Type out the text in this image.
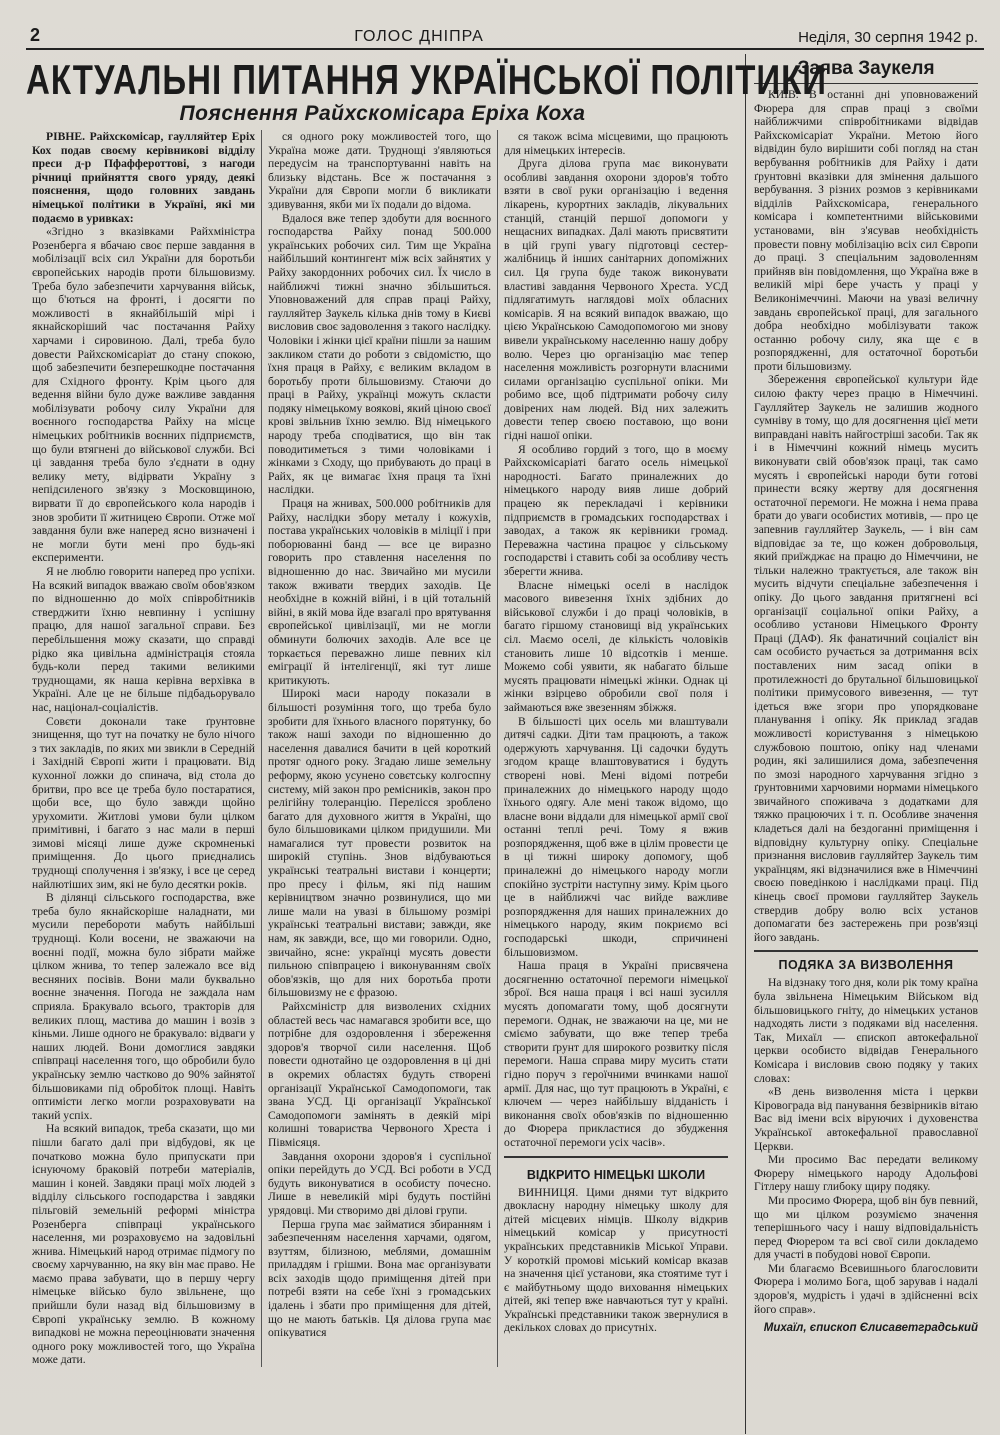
2	ГОЛОС ДНІПРА	Неділя, 30 серпня 1942 р.
АКТУАЛЬНІ ПИТАННЯ УКРАЇНСЬКОЇ ПОЛІТИКИ
Пояснення Райхскомісара Еріха Коха

РІВНЕ. Райхскомісар, гаулляйтер Еріх Кох подав своєму керівникові відділу преси д-р Пфаффероттові, з нагоди річниці прийняття свого уряду, деякі пояснення, щодо головних завдань німецької політики в Україні, які ми подаємо в уривках:

«Згідно з вказівками Райхміністра Розенберга я вбачаю своє перше завдання в мобілізації всіх сил України для боротьби європейських народів проти більшовизму. Треба було забезпечити харчування військ, що б'ються на фронті, і досягти по можливості в якнайбільшій мірі і якнайскоріший час постачання Райху харчами і сировиною. Далі, треба було довести Райхскомісаріат до стану спокою, щоб забезпечити безперешкодне постачання для Східного фронту. Крім цього для ведення війни було дуже важливе завдання мобілізувати робочу силу України для воєнного господарства Райху на місце німецьких робітників воєнних підприємств, що були втягнені до військової служби. Всі ці завдання треба було з'єднати в одну велику мету, відірвати Україну з непідсиленого зв'язку з Московщиною, вирвати її до європейського кола народів і знов зробити її житницею Європи. Отже мої завдання були вже наперед ясно визначені і не могли бути мені про будь-які експерименти.

Я не люблю говорити наперед про успіхи. На всякий випадок вважаю своїм обов'язком по відношенню до моїх співробітників стверджити їхню невпинну і успішну працю, для нашої загальної справи. Без перебільшення можу сказати, що справді рідко яка цивільна адміністрація стояла будь-коли перед такими великими труднощами, як наша керівна верхівка в Україні. Але це не більше підбадьорувало нас, націонал-соціалістів.

Совєти доконали таке ґрунтовне знищення, що тут на початку не було нічого з тих закладів, по яких ми звикли в Середній і Західній Європі жити і працювати. Від кухонної ложки до спинача, від стола до бритви, про все це треба було постаратися, щоби все, що було завжди щойно урухомити. Житлові умови були цілком примітивні, і багато з нас мали в перші зимові місяці лише дуже скромненькі приміщення. До цього приєднались труднощі сполучення і зв'язку, і все це серед найлютіших зим, які не було десятки років.

В ділянці сільського господарства, вже треба було якнайскоріше наладнати, ми мусили перебороти мабуть найбільші труднощі. Коли восени, не зважаючи на воєнні події, можна було зібрати майже цілком жнива, то тепер залежало все від весняних посівів. Вони мали буквально воєнне значення. Погода не заждала нам сприяла. Бракувало всього, тракторів для великих площ, мастива до машин і возів з кіньми. Лише одного не бракувало: відваги у наших людей. Вони домоглися завдяки співпраці населення того, що обробили було українську землю частково до 90% зайнятої більшовиками під обробіток площі. Навіть оптимісти легко могли розраховувати на такий успіх.

На всякий випадок, треба сказати, що ми пішли багато далі при відбудові, як це початково можна було припускати при існуючому браковій потреби матеріалів, машин і коней. Завдяки праці моїх людей з відділу сільського господарства і завдяки пільговій земельній реформі міністра Розенберга співпраці українського населення, ми розраховуємо на задовільні жнива. Німецький народ отримає підмогу по своєму харчуванню, на яку він має право. Не маємо права забувати, що в першу чергу німецьке військо було звільнене, що прийшли були назад від більшовизму в Європі українську землю. В кожному випадкові не можна переоцінювати значення одного року можливостей того, що Україна може дати.

ся одного року можливостей того, що Україна може дати. Труднощі з'являються передусім на транспортуванні навіть на близьку відстань. Все ж постачання з України для Європи могли б викликати здивування, якби ми їх подали до відома.

Вдалося вже тепер здобути для воєнного господарства Райху понад 500.000 українських робочих сил. Тим ще Україна найбільший контингент між всіх зайнятих у Райху закордонних робочих сил. Їх число в найближчі тижні значно збільшиться. Уповноважений для справ праці Райху, гаулляйтер Заукель кілька днів тому в Києві висловив своє задоволення з такого наслідку. Чоловіки і жінки цієї країни пішли за нашим закликом стати до роботи з свідомістю, що їхня праця в Райху, є великим вкладом в боротьбу проти більшовизму. Стаючи до праці в Райху, українці можуть скласти подяку німецькому воякові, який ціною своєї крові звільнив їхню землю. Від німецького народу треба сподіватися, що він так поводитиметься з тими чоловіками і жінками з Сходу, що прибувають до праці в Райх, як це вимагає їхня праця та їхні наслідки.

Праця на жнивах, 500.000 робітників для Райху, наслідки збору металу і кожухів, постава українських чоловіків в міліції і при поборюванні банд — все це виразно говорить про ставлення населення по відношенню до нас. Звичайно ми мусили також вживати твердих заходів. Це необхідне в кожній війні, і в цій тотальній війні, в якій мова йде взагалі про врятування європейської цивілізації, ми не могли обминути болючих заходів. Але все це торкається переважно лише певних кіл еміграції й інтелігенції, які тут лише критикують.

Широкі маси народу показали в більшості розуміння того, що треба було зробити для їхнього власного порятунку, бо також наші заходи по відношенню до населення давалися бачити в цей короткий протяг одного року. Згадаю лише земельну реформу, якою усунено совєтську колгоспну систему, мій закон про ремісників, закон про релігійну толеранцію. Перелісся зроблено багато для духовного життя в Україні, що було більшовиками цілком придушили. Ми намагалися тут провести розвиток на широкій ступінь. Знов відбуваються українські театральні вистави і концерти; про пресу і фільм, які під нашим керівництвом значно розвинулися, що ми лише мали на увазі в більшому розмірі українські театральні вистави; завжди, яке нам, як завжди, все, що ми говорили. Одно, звичайно, ясне: українці мусять довести пильною співпрацею і виконуванням своїх обов'язків, що для них боротьба проти більшовизму не є фразою.

Райхсміністр для визволених східних областей весь час намагався зробити все, що потрібне для оздоровлення і збереження здоров'я творчої сили населення. Щоб повести однотайно це оздоровлення в ці дні в окремих областях будуть створені організації Української Самодопомоги, так звана УСД. Ці організації Української Самодопомоги замінять в деякій мірі колишні товариства Червоного Хреста і Півмісяця.

Завдання охорони здоров'я і суспільної опіки перейдуть до УСД. Всі роботи в УСД будуть виконуватися в особисту почесно. Лише в невеликій мірі будуть постійні урядовці. Ми створимо дві ділові групи.

Перша група має займатися збиранням і забезпеченням населення харчами, одягом, взуттям, білизною, меблями, домашнім приладдям і грішми. Вона має організувати всіх заходів щодо приміщення дітей при потребі взяти на себе їхні з громадських ідалень і збати про приміщення для дітей, що не мають батьків. Ця ділова група має опікуватися

ся також всіма місцевими, що працюють для німецьких інтересів.

Друга ділова група має виконувати особливі завдання охорони здоров'я тобто взяти в свої руки організацію і ведення лікарень, курортних закладів, лікувальних станцій, станцій першої допомоги у нещасних випадках. Далі мають присвятити в цій групі увагу підготовці сестер-жалібниць й інших санітарних допоміжних сил. Ця група буде також виконувати властиві завдання Червоного Хреста. УСД підлягатимуть наглядові моїх обласних комісарів. Я на всякий випадок вважаю, що цією Українською Самодопомогою ми знову вивели українському населенню нашу добру волю. Через цю організацію має тепер населення можливість розгорнути власними силами організацію суспільної опіки. Ми робимо все, щоб підтримати робочу силу довірених нам людей. Від них залежить довести тепер своєю поставою, що вони гідні нашої опіки.

Я особливо гордий з того, що в моєму Райхскомісаріаті багато осель німецької народності. Багато приналежних до німецького народу вияв лише добрий працею як перекладачі і керівники підприємств в громадських господарствах і заводах, а також як керівники громад. Переважна частина працює у сільському господарстві і ставить собі за особливу честь зберегти жнива.

Власне німецькі оселі в наслідок масового вивезення їхніх здібних до військової служби і до праці чоловіків, в багато гіршому становищі від українських сіл. Маємо оселі, де кількість чоловіків становить лише 10 відсотків і менше. Можемо собі уявити, як набагато більше мусять працювати німецькі жінки. Однак ці жінки взірцево обробили свої поля і займаються вже звезенням збіжжя.

В більшості цих осель ми влаштували дитячі садки. Діти там працюють, а також одержують харчування. Ці садочки будуть згодом краще влаштовуватися і будуть створені нові. Мені відомі потреби приналежних до німецького народу щодо їхнього одягу. Але мені також відомо, що власне вони віддали для німецької армії свої останні теплі речі. Тому я вжив розпорядження, щоб вже в цілім провести це в ці тижні широку допомогу, щоб приналежні до німецького народу могли спокійно зустріти наступну зиму. Крім цього це в найближчі час вийде важливе розпорядження для наших приналежних до німецького народу, яким покриємо всі господарські шкоди, спричинені більшовизмом.

Наша праця в Україні присвячена досягненню остаточної перемоги німецької зброї. Вся наша праця і всі наші зусилля мусять допомагати тому, щоб досягнути перемоги. Однак, не зважаючи на це, ми не смiємо забувати, що вже тепер треба створити ґрунт для широкого розвитку після перемоги. Наша справа миру мусить стати гідно поруч з героїчними вчинками нашої армії. Для нас, що тут працюють в Україні, є ключем — через найбільшу відданість і виконання своїх обов'язків по відношенню до Фюрера прикластися до збудження остаточної перемоги усіх часів».

ВІДКРИТО НІМЕЦЬКІ ШКОЛИ

ВИННИЦЯ. Цими днями тут відкрито двокласну народну німецьку школу для дітей місцевих німців. Школу відкрив німецький комісар у присутності українських представників Міської Управи. У короткій промові міський комісар вказав на значення цієї установи, яка стоятиме тут і є майбутньому щодо виховання німецьких дітей, які тепер вже навчаються тут у країні. Українські представники також звернулися в декількох словах до присутніх.

Заява Заукеля

КИЇВ. В останні дні уповноважений Фюрера для справ праці з своїми найближчими співробітниками відвідав Райхскомісаріат України. Метою його відвідин було вирішити собі погляд на стан вербування робітників для Райху і дати ґрунтовні вказівки для змінення дальшого вербування. З різних розмов з керівниками відділів Райхскомісара, генерального комісара і компетентними військовими установами, він з'ясував необхідність провести повну мобілізацію всіх сил Європи до праці. З спеціальним задоволенням прийняв він повідомлення, що Україна вже в великій мірі бере участь у праці у Великонімеччині. Маючи на увазі величну завдань європейської праці, для загального добра необхідно мобілізувати також останню робочу силу, яка ще є в розпорядженні, для остаточної боротьби проти більшовизму.

Збереження європейської культури йде силою факту через працю в Німеччині. Гаулляйтер Заукель не залишив жодного сумніву в тому, що для досягнення цієї мети виправдані навіть найгостріші засоби. Так як і в Німеччині кожний німець мусить виконувати свій обов'язок праці, так само мусять і європейські народи бути готові принести всяку жертву для досягнення остаточної перемоги. Не можна і нема права брати до уваги особистих мотивів, — про це запевнив гаулляйтер Заукель, — і він сам відповідає за те, що кожен добровольця, який приїжджає на працю до Німеччини, не тільки належно трактується, але також він мусить відчути спеціальне забезпечення і опіку. До цього завдання притягнені всі організації соціальної опіки Райху, а особливо установи Німецького Фронту Праці (ДАФ). Як фанатичний соціаліст він сам особисто ручається за дотримання всіх поставлених ним засад опіки в протилежності до брутальної більшовицької політики примусового вивезення, — тут ідеться вже згори про упорядковане планування і опіку. Як приклад згадав можливості користування з німецькою службовою поштою, опіку над членами родин, які залишилися дома, забезпечення по змозі народного харчування згідно з ґрунтовними харчовими нормами німецького звичайного споживача з додатками для тяжко працюючих і т. п. Особливе значення кладеться далі на бездоганні приміщення і відповідну культурну опіку. Спеціальне признання висловив гаулляйтер Заукель тим українцям, які відзначилися вже в Німеччині своєю поведінкою і наслідками праці. Під кінець своєї промови гаулляйтер Заукель ствердив добру волю всіх установ допомагати без застережень при розв'язці його завдань.

ПОДЯКА ЗА ВИЗВОЛЕННЯ

На відзнаку того дня, коли рік тому країна була звільнена Німецьким Військом від більшовицького гніту, до німецьких установ надходять листи з подяками від населення. Так, Михаїл — єпископ автокефальної церкви особисто відвідав Генерального Комісара і висловив свою подяку у таких словах:

«В день визволення міста і церкви Кіровограда від панування безвірників вітаю Вас від імени всіх віруючих і духовенства Української автокефальної православної Церкви.

Ми просимо Вас передати великому Фюреру німецького народу Адольфові Гітлеру нашу глибоку щиру подяку.

Ми просимо Фюрера, щоб він був певний, що ми цілком розуміємо значення теперішнього часу і нашу відповідальність перед Фюрером та всі свої сили докладемо для участі в побудові нової Європи.

Ми благаємо Всевишнього благословити Фюрера і молимо Бога, щоб зарував і надалі здоров'я, мудрість і удачі в здійсненні всіх його справ».

Михаїл, єпископ Єлисаветградський
